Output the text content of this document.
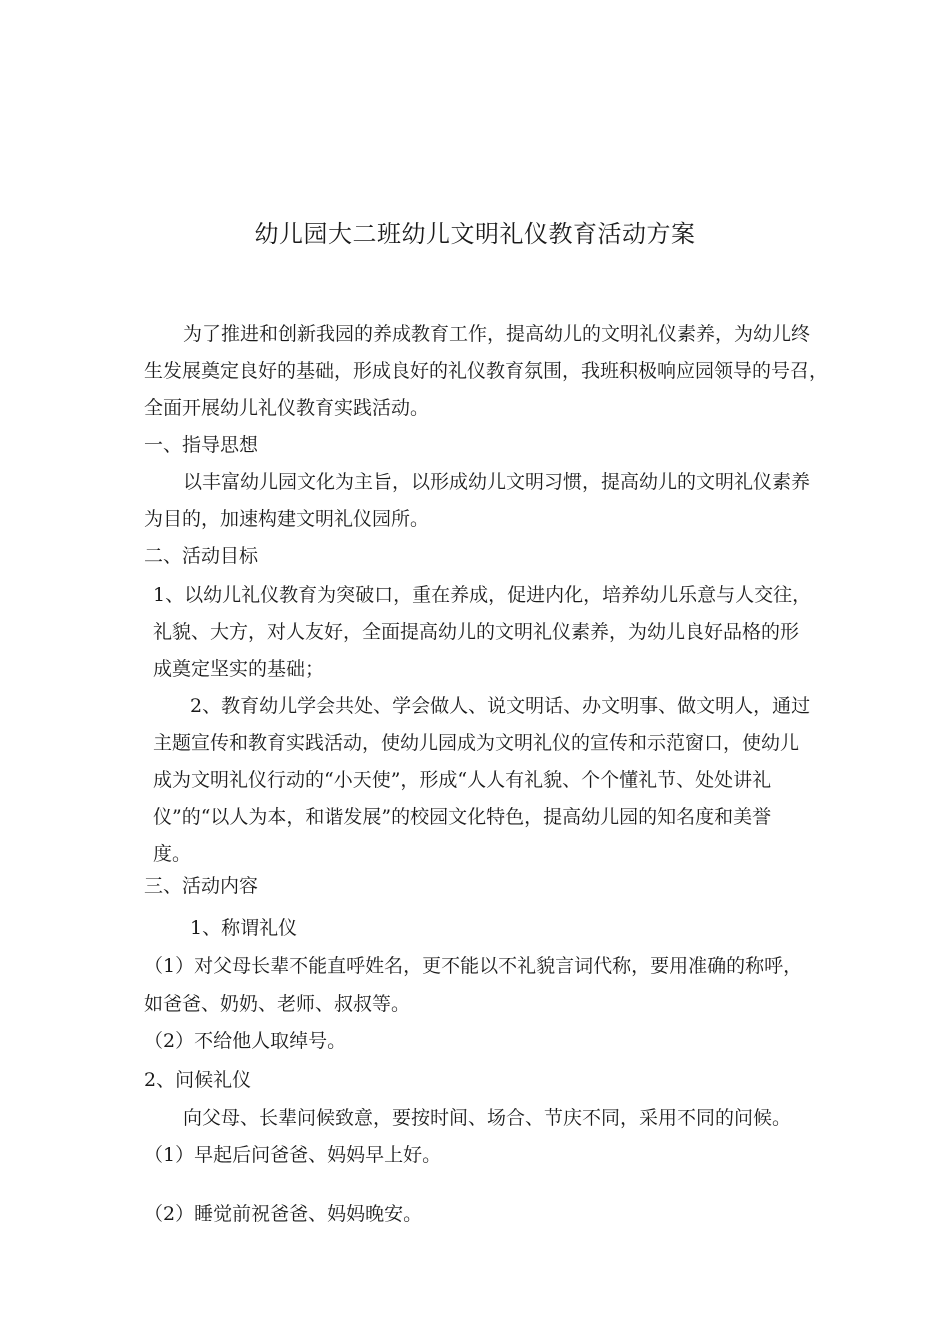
幼儿园大二班幼儿文明礼仪教育活动方案
为了推进和创新我园的养成教育工作，提高幼儿的文明礼仪素养，为幼儿终
生发展奠定良好的基础，形成良好的礼仪教育氛围，我班积极响应园领导的号召，
全面开展幼儿礼仪教育实践活动。
一、指导思想
以丰富幼儿园文化为主旨，以形成幼儿文明习惯，提高幼儿的文明礼仪素养
为目的，加速构建文明礼仪园所。
二、活动目标
1、以幼儿礼仪教育为突破口，重在养成，促进内化，培养幼儿乐意与人交往，
礼貌、大方，对人友好，全面提高幼儿的文明礼仪素养，为幼儿良好品格的形
成奠定坚实的基础；
2、教育幼儿学会共处、学会做人、说文明话、办文明事、做文明人，通过
主题宣传和教育实践活动，使幼儿园成为文明礼仪的宣传和示范窗口，使幼儿
成为文明礼仪行动的“小天使”，形成“人人有礼貌、个个懂礼节、处处讲礼
仪”的“以人为本，和谐发展”的校园文化特色，提高幼儿园的知名度和美誉
度。
三、活动内容
1、称谓礼仪
（1）对父母长辈不能直呼姓名，更不能以不礼貌言词代称，要用准确的称呼，
如爸爸、奶奶、老师、叔叔等。
（2）不给他人取绰号。
2、问候礼仪
向父母、长辈问候致意，要按时间、场合、节庆不同，采用不同的问候。
（1）早起后问爸爸、妈妈早上好。
（2）睡觉前祝爸爸、妈妈晚安。
